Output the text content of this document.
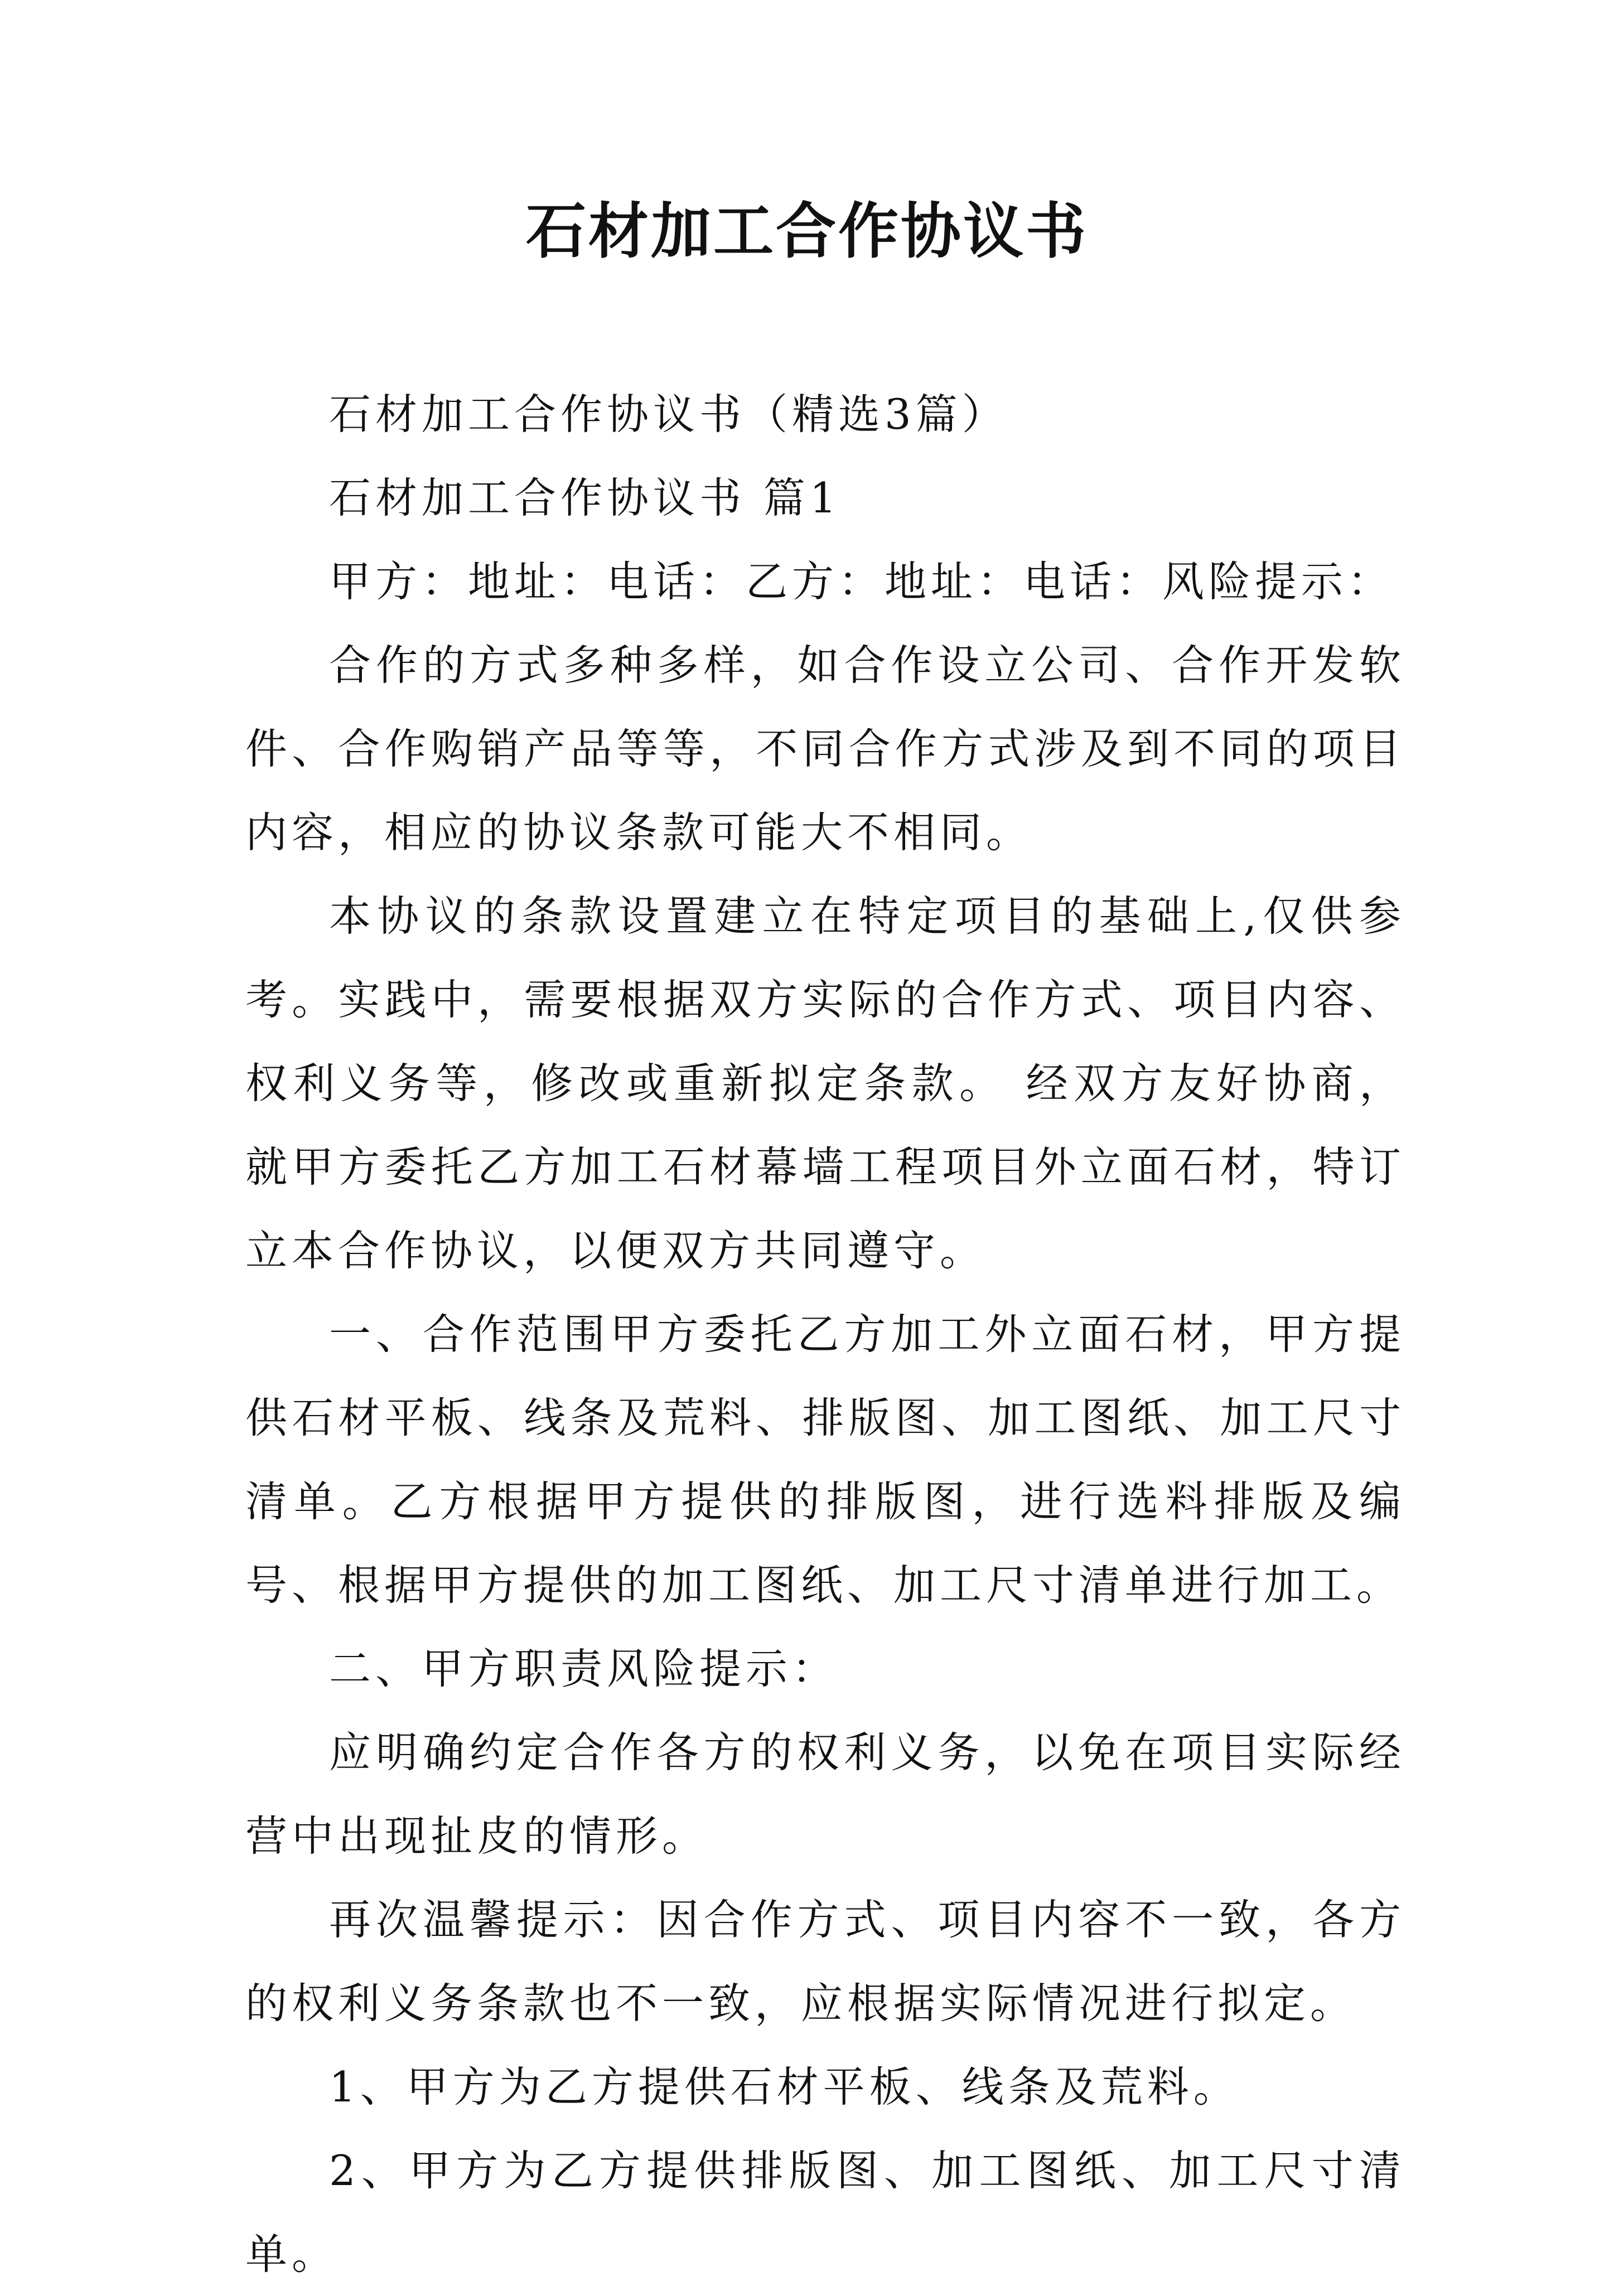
石材加工合作协议书

石材加工合作协议书（精选3篇）

石材加工合作协议书 篇1

甲方：地址：电话：乙方：地址：电话：风险提示：

合作的方式多种多样，如合作设立公司、合作开发软件、合作购销产品等等，不同合作方式涉及到不同的项目内容，相应的协议条款可能大不相同。

本协议的条款设置建立在特定项目的基础上,仅供参考。实践中，需要根据双方实际的合作方式、项目内容、权利义务等，修改或重新拟定条款。 经双方友好协商，就甲方委托乙方加工石材幕墙工程项目外立面石材，特订立本合作协议，以便双方共同遵守。

一、合作范围甲方委托乙方加工外立面石材，甲方提供石材平板、线条及荒料、排版图、加工图纸、加工尺寸清单。乙方根据甲方提供的排版图，进行选料排版及编号、根据甲方提供的加工图纸、加工尺寸清单进行加工。

二、甲方职责风险提示：

应明确约定合作各方的权利义务，以免在项目实际经营中出现扯皮的情形。

再次温馨提示：因合作方式、项目内容不一致，各方的权利义务条款也不一致，应根据实际情况进行拟定。

1、甲方为乙方提供石材平板、线条及荒料。

2、甲方为乙方提供排版图、加工图纸、加工尺寸清单。
